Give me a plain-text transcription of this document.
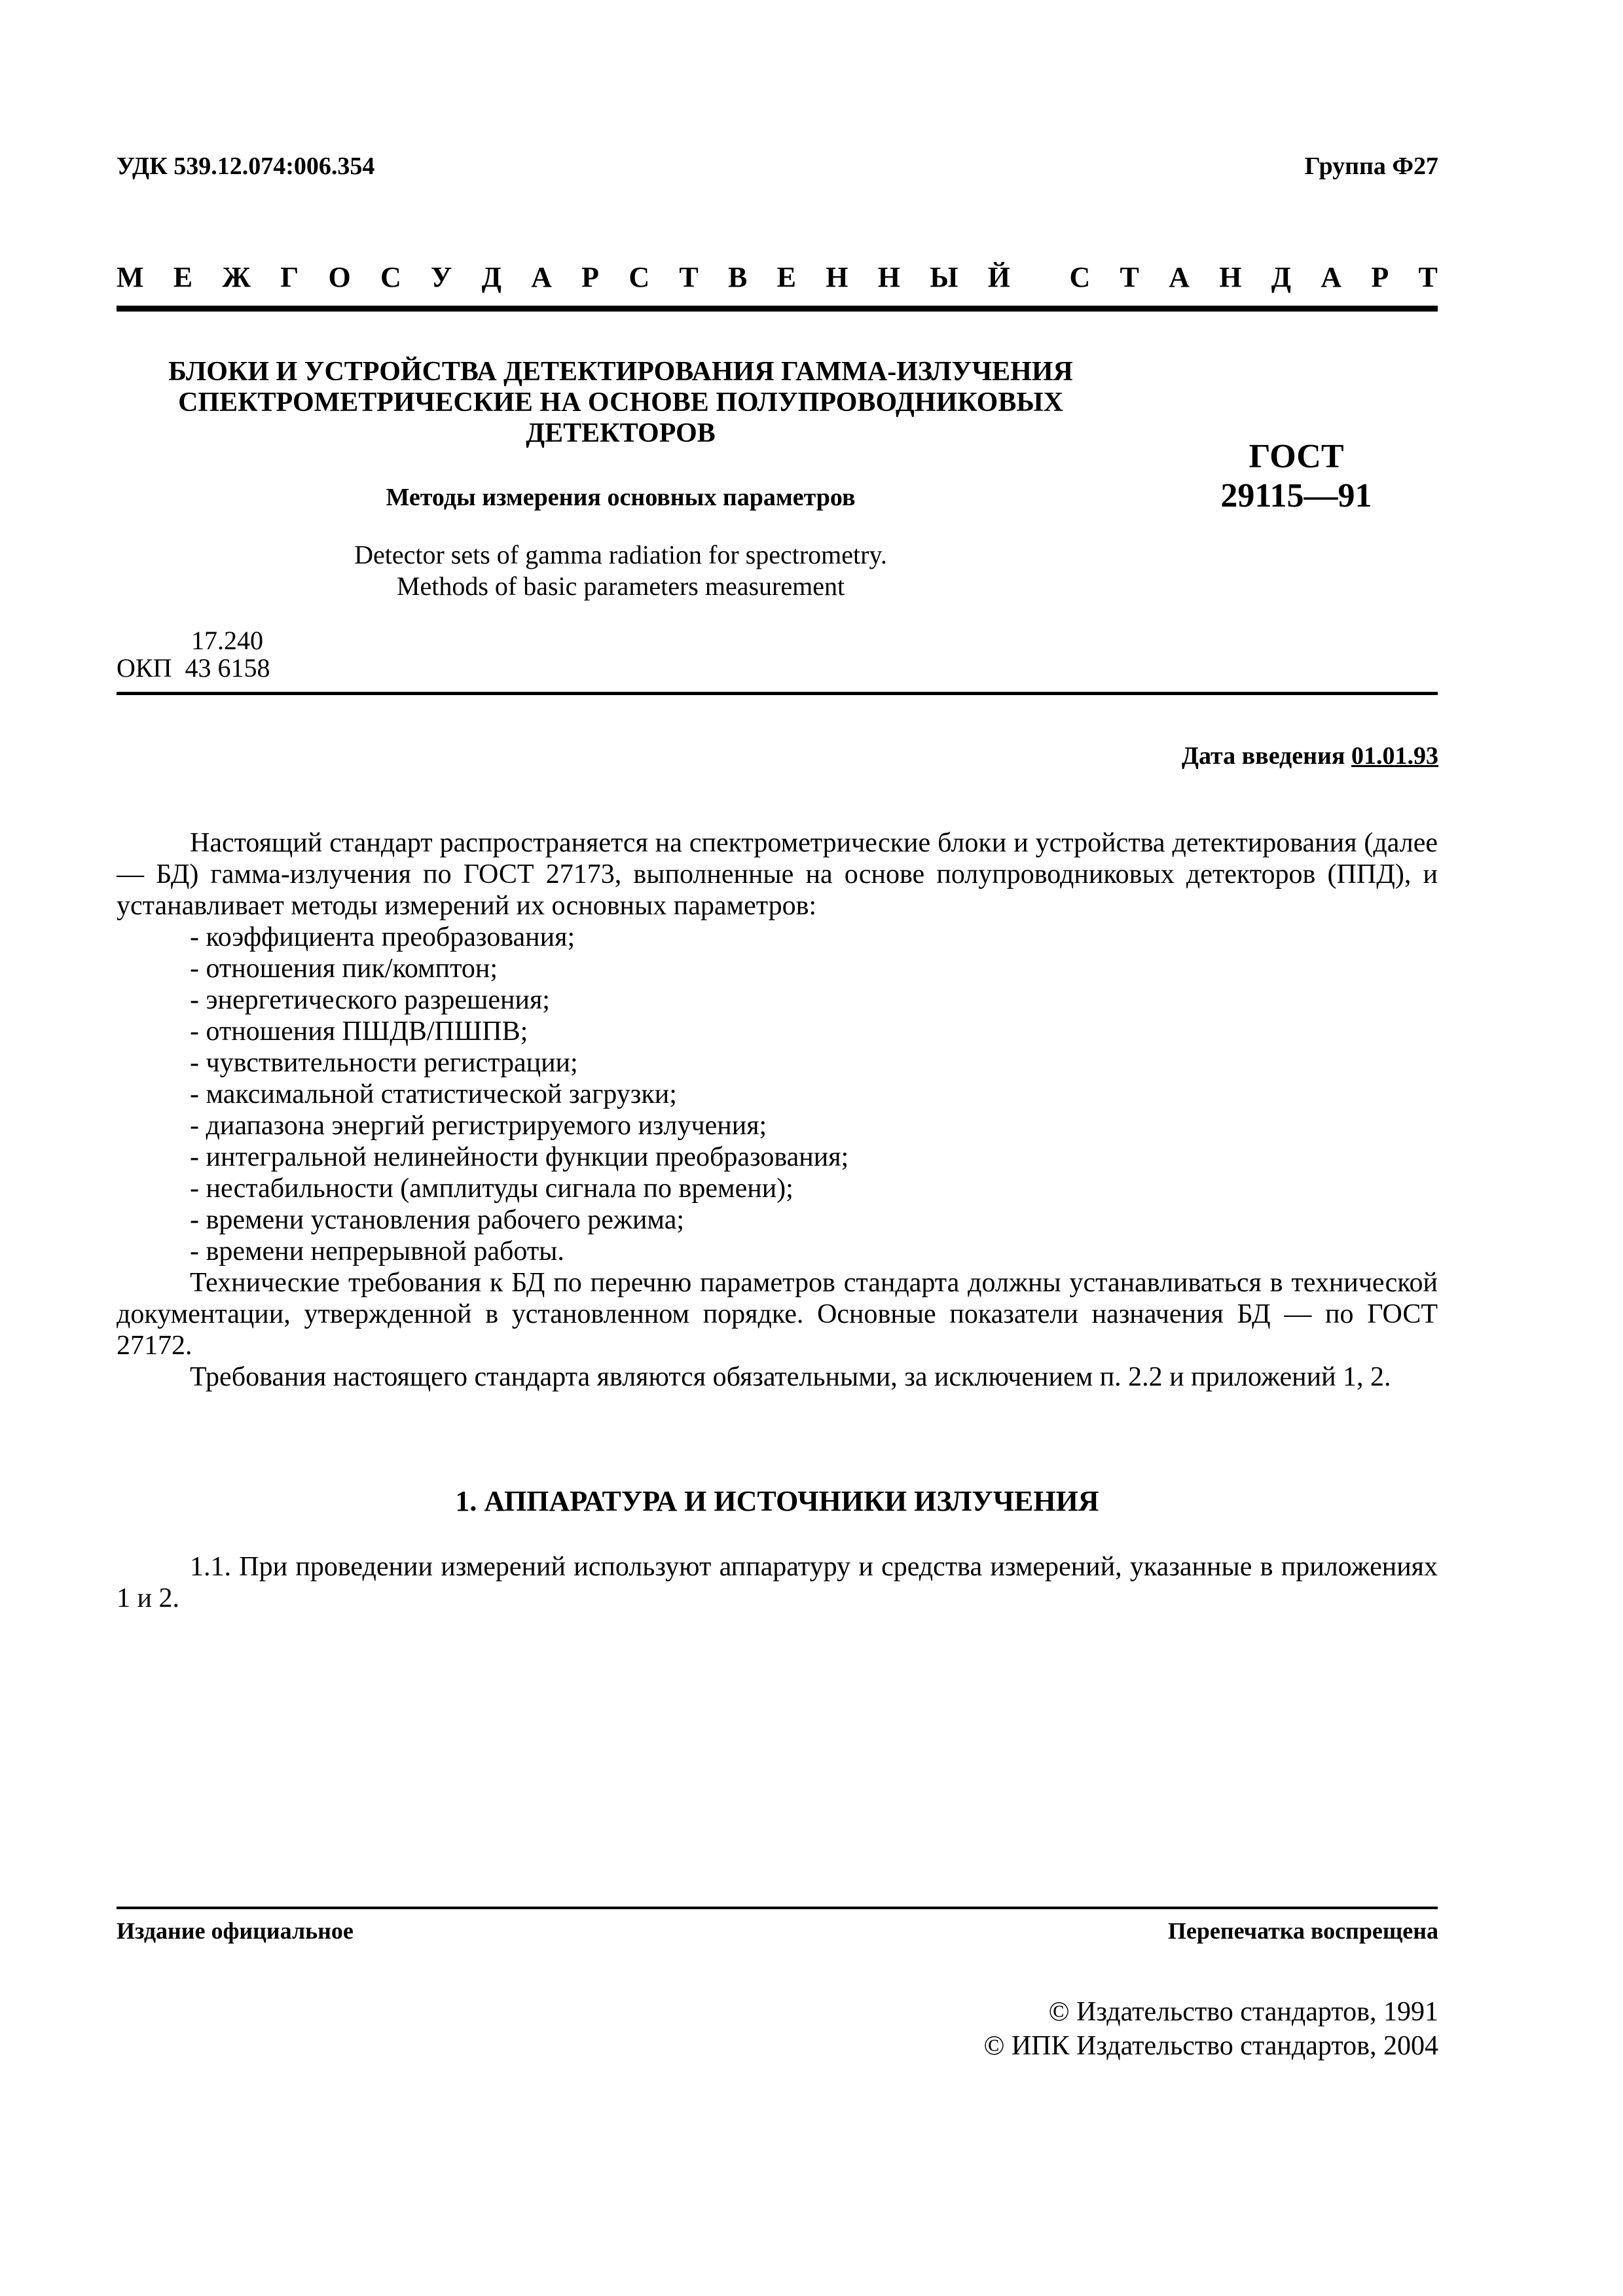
УДК 539.12.074:006.354	Группа Ф27
М Е Ж Г О С У Д А Р С Т В Е Н Н Ы Й С Т А Н Д А Р Т
БЛОКИ И УСТРОЙСТВА ДЕТЕКТИРОВАНИЯ ГАММА-ИЗЛУЧЕНИЯ
СПЕКТРОМЕТРИЧЕСКИЕ НА ОСНОВЕ ПОЛУПРОВОДНИКОВЫХ
ДЕТЕКТОРОВ
Методы измерения основных параметров
Detector sets of gamma radiation for spectrometry.
Methods of basic parameters measurement
ГОСТ
29115—91
17.240
ОКП 43 6158
Дата введения 01.01.93

Настоящий стандарт распространяется на спектрометрические блоки и устройства детектирования (далее — БД) гамма-излучения по ГОСТ 27173, выполненные на основе полупроводниковых детекторов (ППД), и устанавливает методы измерений их основных параметров:

- коэффициента преобразования;
- отношения пик/комптон;
- энергетического разрешения;
- отношения ПШДВ/ПШПВ;
- чувствительности регистрации;
- максимальной статистической загрузки;
- диапазона энергий регистрируемого излучения;
- интегральной нелинейности функции преобразования;
- нестабильности (амплитуды сигнала по времени);
- времени установления рабочего режима;
- времени непрерывной работы.

Технические требования к БД по перечню параметров стандарта должны устанавливаться в технической документации, утвержденной в установленном порядке. Основные показатели назначения БД — по ГОСТ 27172.

Требования настоящего стандарта являются обязательными, за исключением п. 2.2 и приложений 1, 2.

1. АППАРАТУРА И ИСТОЧНИКИ ИЗЛУЧЕНИЯ
1.1. При проведении измерений используют аппаратуру и средства измерений, указанные в приложениях 1 и 2.
Издание официальное	Перепечатка воспрещена
© Издательство стандартов, 1991
© ИПК Издательство стандартов, 2004
